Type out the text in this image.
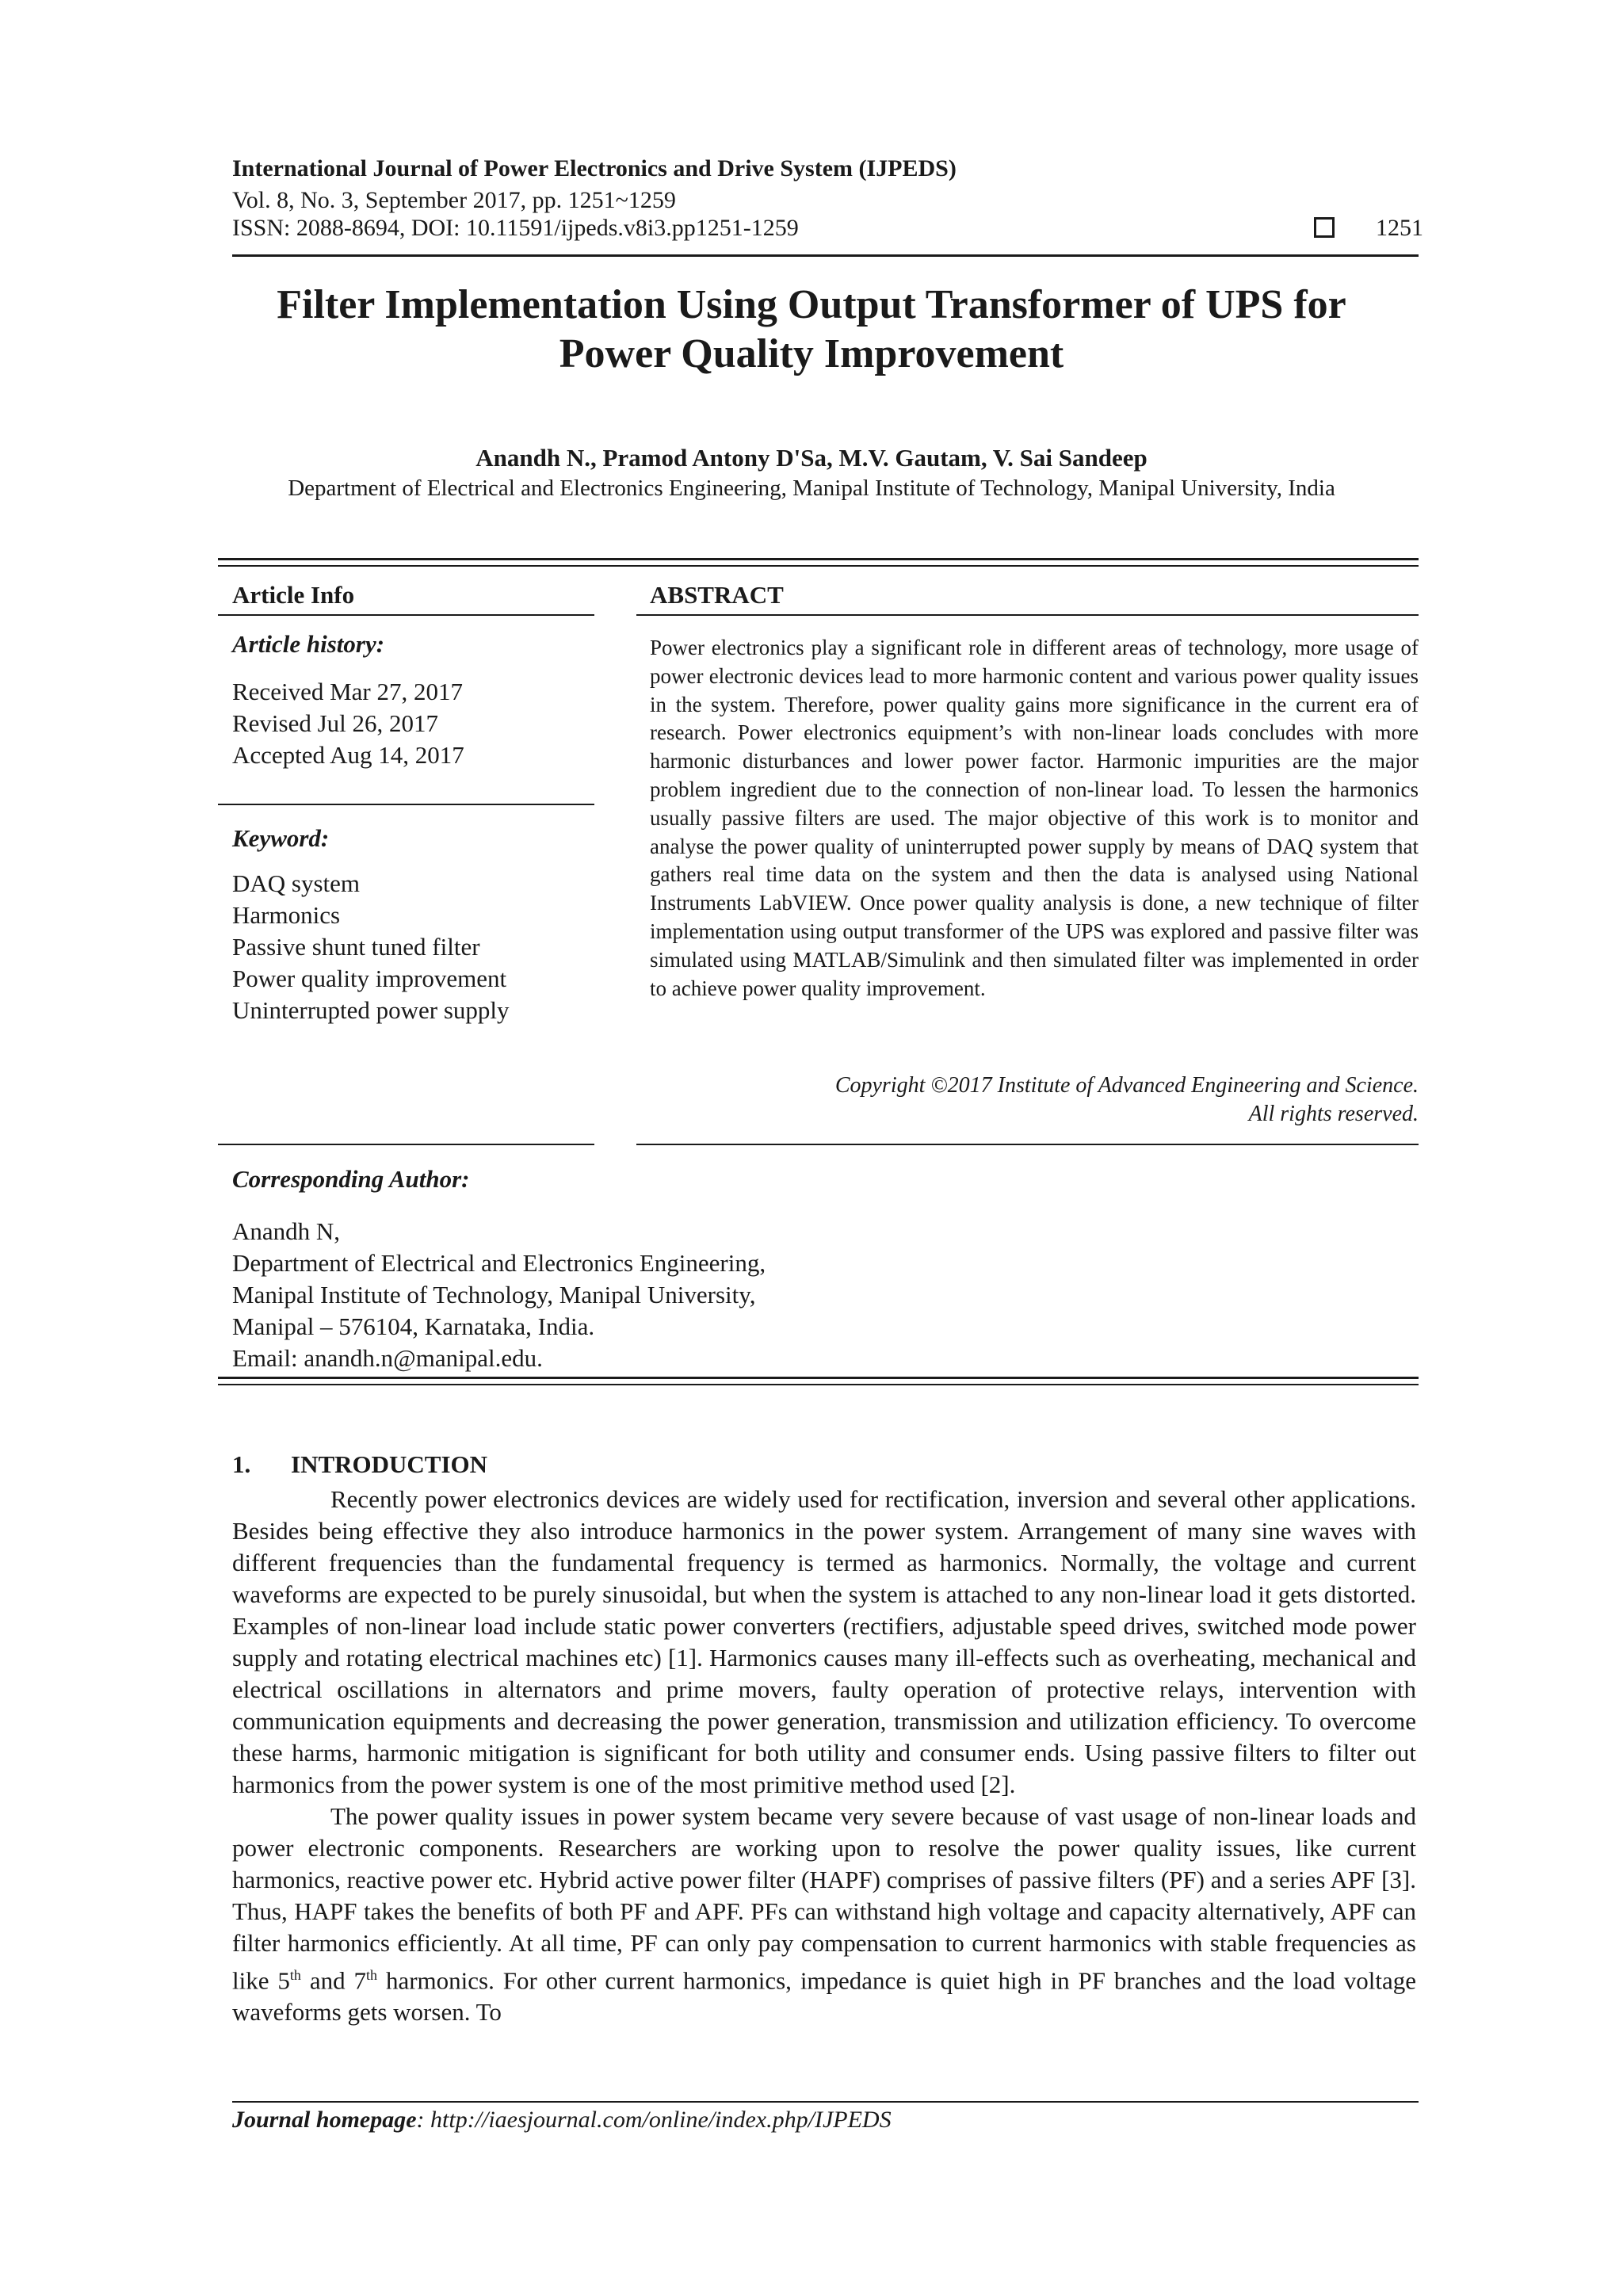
International Journal of Power Electronics and Drive System (IJPEDS)
Vol. 8, No. 3, September 2017, pp. 1251~1259
ISSN: 2088-8694, DOI: 10.11591/ijpeds.v8i3.pp1251-1259	1251
Filter Implementation Using Output Transformer of UPS for
Power Quality Improvement
Anandh N., Pramod Antony D'Sa, M.V. Gautam, V. Sai Sandeep
Department of Electrical and Electronics Engineering, Manipal Institute of Technology, Manipal University, India
Article Info
Article history:
Received Mar 27, 2017
Revised Jul 26, 2017
Accepted Aug 14, 2017
Keyword:
DAQ system
Harmonics
Passive shunt tuned filter
Power quality improvement
Uninterrupted power supply
ABSTRACT
Power electronics play a significant role in different areas of technology, more usage of power electronic devices lead to more harmonic content and various power quality issues in the system. Therefore, power quality gains more significance in the current era of research. Power electronics equipment’s with non-linear loads concludes with more harmonic disturbances and lower power factor. Harmonic impurities are the major problem ingredient due to the connection of non-linear load. To lessen the harmonics usually passive filters are used. The major objective of this work is to monitor and analyse the power quality of uninterrupted power supply by means of DAQ system that gathers real time data on the system and then the data is analysed using National Instruments LabVIEW. Once power quality analysis is done, a new technique of filter implementation using output transformer of the UPS was explored and passive filter was simulated using MATLAB/Simulink and then simulated filter was implemented in order to achieve power quality improvement.
Copyright ©2017 Institute of Advanced Engineering and Science.
All rights reserved.
Corresponding Author:
Anandh N,
Department of Electrical and Electronics Engineering,
Manipal Institute of Technology, Manipal University,
Manipal – 576104, Karnataka, India.
Email: anandh.n@manipal.edu.
1. INTRODUCTION

Recently power electronics devices are widely used for rectification, inversion and several other applications. Besides being effective they also introduce harmonics in the power system. Arrangement of many sine waves with different frequencies than the fundamental frequency is termed as harmonics. Normally, the voltage and current waveforms are expected to be purely sinusoidal, but when the system is attached to any non-linear load it gets distorted. Examples of non-linear load include static power converters (rectifiers, adjustable speed drives, switched mode power supply and rotating electrical machines etc) [1]. Harmonics causes many ill-effects such as overheating, mechanical and electrical oscillations in alternators and prime movers, faulty operation of protective relays, intervention with communication equipments and decreasing the power generation, transmission and utilization efficiency. To overcome these harms, harmonic mitigation is significant for both utility and consumer ends. Using passive filters to filter out harmonics from the power system is one of the most primitive method used [2].

The power quality issues in power system became very severe because of vast usage of non-linear loads and power electronic components. Researchers are working upon to resolve the power quality issues, like current harmonics, reactive power etc. Hybrid active power filter (HAPF) comprises of passive filters (PF) and a series APF [3]. Thus, HAPF takes the benefits of both PF and APF. PFs can withstand high voltage and capacity alternatively, APF can filter harmonics efficiently. At all time, PF can only pay compensation to current harmonics with stable frequencies as like 5th and 7th harmonics. For other current harmonics, impedance is quiet high in PF branches and the load voltage waveforms gets worsen. To

Journal homepage: http://iaesjournal.com/online/index.php/IJPEDS
